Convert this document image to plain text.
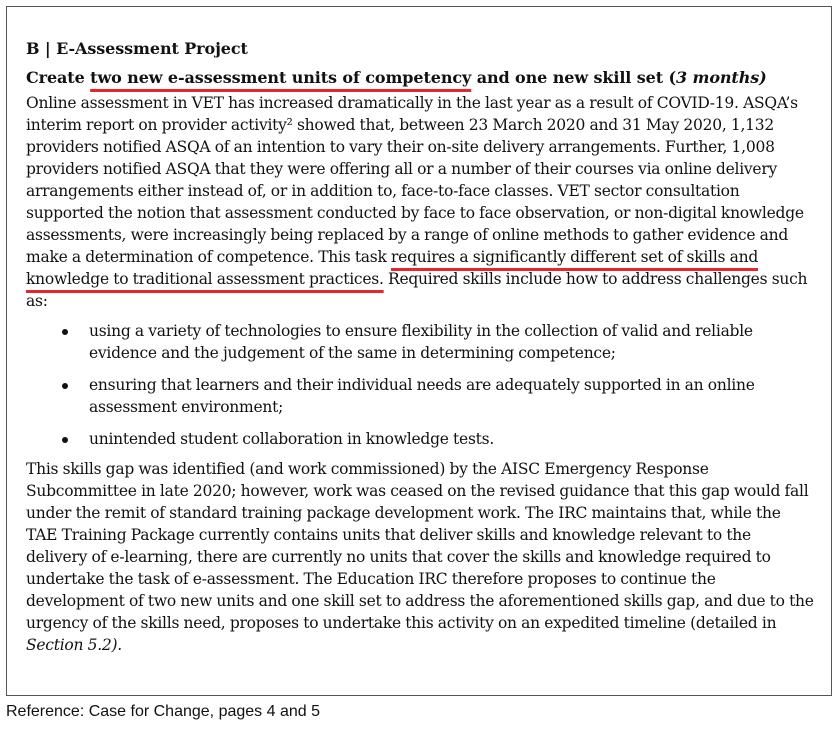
B | E-Assessment Project
Create two new e-assessment units of competency and one new skill set (3 months)

Online assessment in VET has increased dramatically in the last year as a result of COVID-19. ASQA’s interim report on provider activity² showed that, between 23 March 2020 and 31 May 2020, 1,132 providers notified ASQA of an intention to vary their on-site delivery arrangements. Further, 1,008 providers notified ASQA that they were offering all or a number of their courses via online delivery arrangements either instead of, or in addition to, face-to-face classes. VET sector consultation supported the notion that assessment conducted by face to face observation, or non-digital knowledge assessments, were increasingly being replaced by a range of online methods to gather evidence and make a determination of competence. This task requires a significantly different set of skills and knowledge to traditional assessment practices. Required skills include how to address challenges such as:

using a variety of technologies to ensure flexibility in the collection of valid and reliable evidence and the judgement of the same in determining competence;
ensuring that learners and their individual needs are adequately supported in an online assessment environment;
unintended student collaboration in knowledge tests.

This skills gap was identified (and work commissioned) by the AISC Emergency Response Subcommittee in late 2020; however, work was ceased on the revised guidance that this gap would fall under the remit of standard training package development work. The IRC maintains that, while the TAE Training Package currently contains units that deliver skills and knowledge relevant to the delivery of e-learning, there are currently no units that cover the skills and knowledge required to undertake the task of e-assessment. The Education IRC therefore proposes to continue the development of two new units and one skill set to address the aforementioned skills gap, and due to the urgency of the skills need, proposes to undertake this activity on an expedited timeline (detailed in Section 5.2).

Reference: Case for Change, pages 4 and 5
